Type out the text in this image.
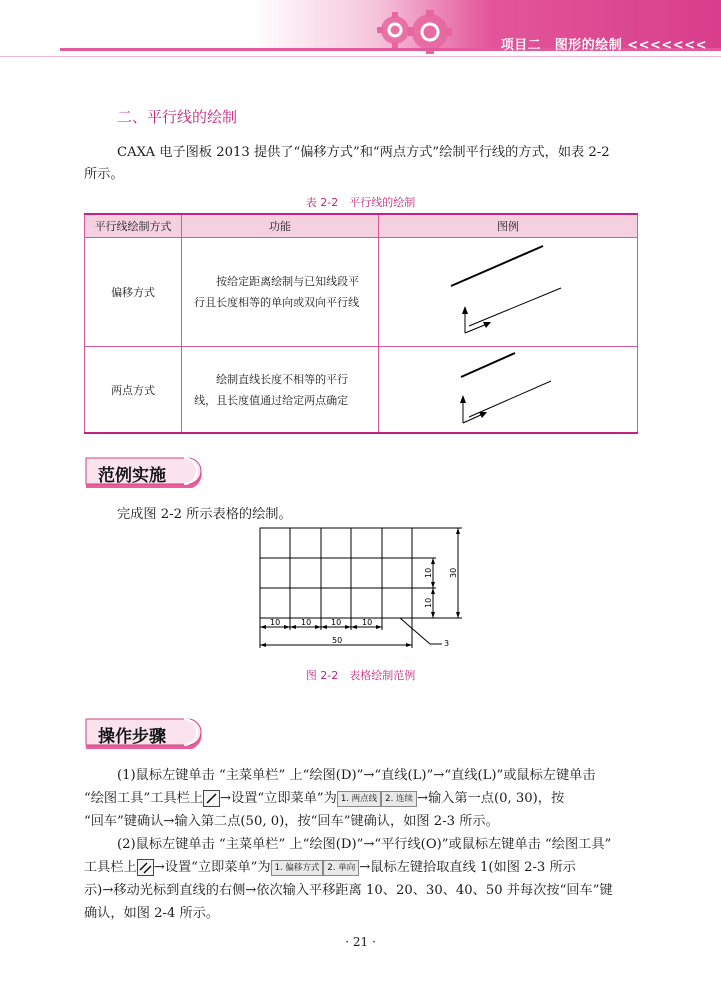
项目二　图形的绘制 <<<<<<<
二、平行线的绘制
CAXA 电子图板 2013 提供了“偏移方式”和“两点方式”绘制平行线的方式，如表 2-2
所示。
表 2-2　平行线的绘制
平行线绘制方式	功能	图例
偏移方式	按给定距离绘制与已知线段平行且长度相等的单向或双向平行线	
两点方式	绘制直线长度不相等的平行线，且长度值通过给定两点确定	
范例实施
完成图 2-2 所示表格的绘制。
10	10 10	10
50	3
10
10
30
图 2-2　表格绘制范例
操作步骤
(1)鼠标左键单击 “主菜单栏” 上“绘图(D)”→“直线(L)”→“直线(L)”或鼠标左键单击
“绘图工具”工具栏上 →设置“立即菜单”为 1. 两点线 2. 连续 →输入第一点(0, 30)，按
“回车”键确认→输入第二点(50, 0)，按“回车”键确认，如图 2-3 所示。
(2)鼠标左键单击 “主菜单栏” 上“绘图(D)”→“平行线(O)”或鼠标左键单击 “绘图工具”
工具栏上 →设置“立即菜单”为 1. 偏移方式 2. 单向 →鼠标左键拾取直线 1(如图 2-3 所示
示)→移动光标到直线的右侧→依次输入平移距离 10、20、30、40、50 并每次按“回车”键
确认，如图 2-4 所示。
· 21 ·
